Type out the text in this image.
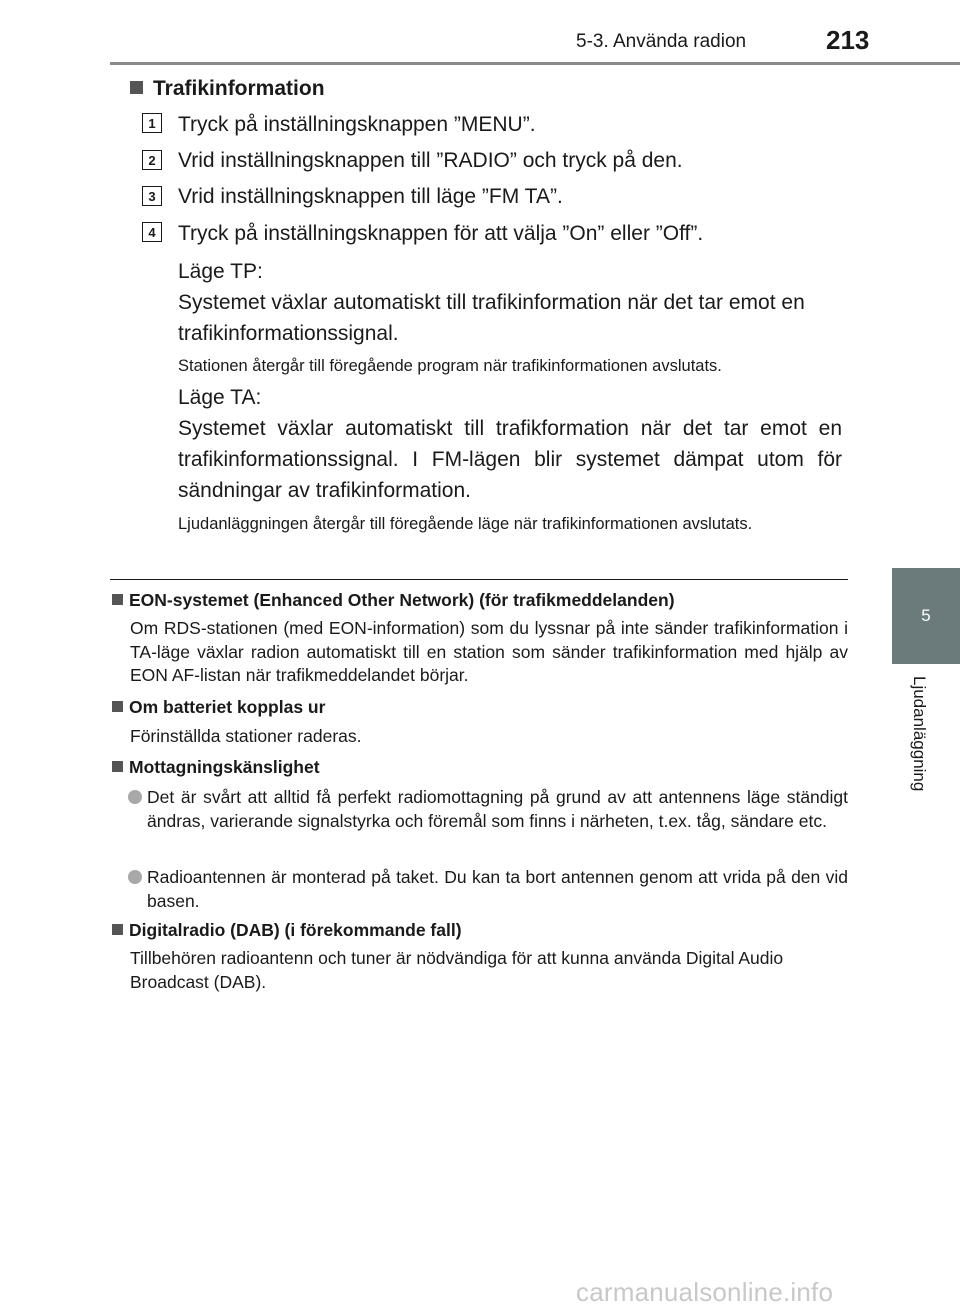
5-3. Använda radion	213
5
Ljudanläggning
Trafikinformation
1	Tryck på inställningsknappen ”MENU”.
2	Vrid inställningsknappen till ”RADIO” och tryck på den.
3	Vrid inställningsknappen till läge ”FM TA”.
4	Tryck på inställningsknappen för att välja ”On” eller ”Off”.

Läge TP:

Systemet växlar automatiskt till trafikinformation när det tar emot en trafikinformationssignal.

Stationen återgår till föregående program när trafikinformationen avslutats.

Läge TA:

Systemet växlar automatiskt till trafikformation när det tar emot en trafikinformationssignal. I FM-lägen blir systemet dämpat utom för sändningar av trafikinformation.

Ljudanläggningen återgår till föregående läge när trafikinformationen avslutats.
EON-systemet (Enhanced Other Network) (för trafikmeddelanden)

Om RDS-stationen (med EON-information) som du lyssnar på inte sänder trafikinformation i TA-läge växlar radion automatiskt till en station som sänder trafikinformation med hjälp av EON AF-listan när trafikmeddelandet börjar.

Om batteriet kopplas ur

Förinställda stationer raderas.

Mottagningskänslighet

Det är svårt att alltid få perfekt radiomottagning på grund av att antennens läge ständigt ändras, varierande signalstyrka och föremål som finns i närheten, t.ex. tåg, sändare etc.

Radioantennen är monterad på taket. Du kan ta bort antennen genom att vrida på den vid basen.

Digitalradio (DAB) (i förekommande fall)

Tillbehören radioantenn och tuner är nödvändiga för att kunna använda Digital Audio Broadcast (DAB).

carmanualsonline.info
